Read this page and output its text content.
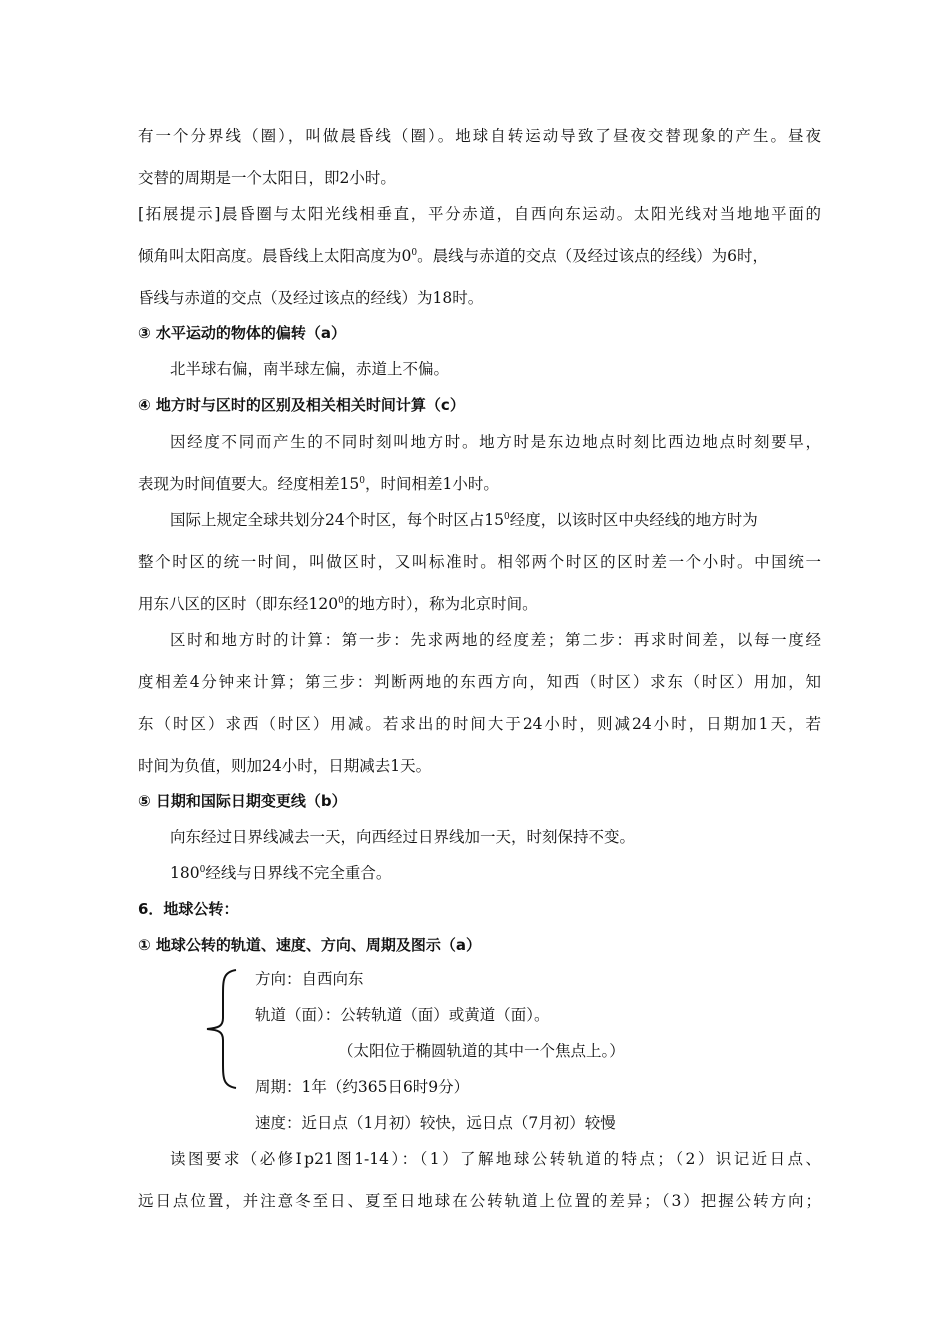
有一个分界线（圈），叫做晨昏线（圈）。地球自转运动导致了昼夜交替现象的产生。昼夜
交替的周期是一个太阳日，即2小时。
[拓展提示]晨昏圈与太阳光线相垂直，平分赤道，自西向东运动。太阳光线对当地地平面的
倾角叫太阳高度。晨昏线上太阳高度为$0^0$。晨线与赤道的交点（及经过该点的经线）为6时，
昏线与赤道的交点（及经过该点的经线）为18时。
③ 水平运动的物体的偏转（a）
北半球右偏，南半球左偏，赤道上不偏。
④ 地方时与区时的区别及相关相关时间计算（c）
因经度不同而产生的不同时刻叫地方时。地方时是东边地点时刻比西边地点时刻要早，
表现为时间值要大。经度相差$15^0$，时间相差1小时。
国际上规定全球共划分24个时区，每个时区占$15^0$经度，以该时区中央经线的地方时为
整个时区的统一时间，叫做区时，又叫标准时。相邻两个时区的区时差一个小时。中国统一
用东八区的区时（即东经$120^0$的地方时），称为北京时间。
区时和地方时的计算：第一步：先求两地的经度差；第二步：再求时间差，以每一度经
度相差4分钟来计算；第三步：判断两地的东西方向，知西（时区）求东（时区）用加，知
东（时区）求西（时区）用减。若求出的时间大于24小时，则减24小时，日期加1天，若
时间为负值，则加24小时，日期减去1天。
⑤ 日期和国际日期变更线（b）
向东经过日界线减去一天，向西经过日界线加一天，时刻保持不变。
$180^0$经线与日界线不完全重合。
6．地球公转：
① 地球公转的轨道、速度、方向、周期及图示（a）
方向：自西向东
轨道（面）：公转轨道（面）或黄道（面）。
（太阳位于椭圆轨道的其中一个焦点上。）
周期：1年（约365日6时9分）
速度：近日点（1月初）较快，远日点（7月初）较慢
读图要求（必修Ⅰp21图1-14）：（1）了解地球公转轨道的特点；（2）识记近日点、
远日点位置，并注意冬至日、夏至日地球在公转轨道上位置的差异；（3）把握公转方向；
